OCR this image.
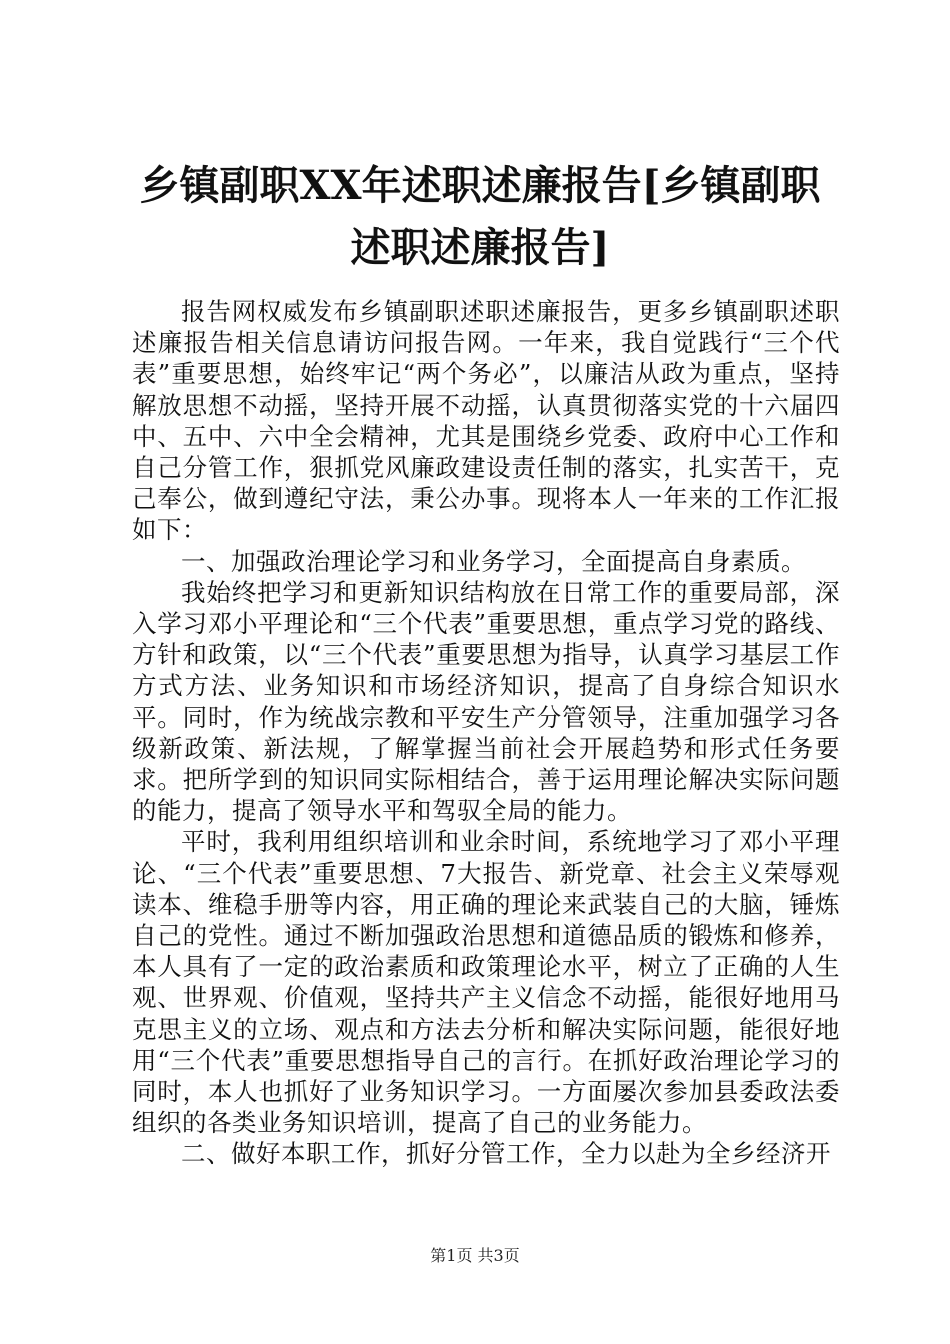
乡镇副职XX年述职述廉报告[乡镇副职述职述廉报告]

报告网权威发布乡镇副职述职述廉报告，更多乡镇副职述职述廉报告相关信息请访问报告网。一年来，我自觉践行“三个代表”重要思想，始终牢记“两个务必”，以廉洁从政为重点，坚持解放思想不动摇，坚持开展不动摇，认真贯彻落实党的十六届四中、五中、六中全会精神，尤其是围绕乡党委、政府中心工作和自己分管工作，狠抓党风廉政建设责任制的落实，扎实苦干，克己奉公，做到遵纪守法，秉公办事。现将本人一年来的工作汇报如下：

一、加强政治理论学习和业务学习，全面提高自身素质。

我始终把学习和更新知识结构放在日常工作的重要局部，深入学习邓小平理论和“三个代表”重要思想，重点学习党的路线、方针和政策，以“三个代表”重要思想为指导，认真学习基层工作方式方法、业务知识和市场经济知识，提高了自身综合知识水平。同时，作为统战宗教和平安生产分管领导，注重加强学习各级新政策、新法规，了解掌握当前社会开展趋势和形式任务要求。把所学到的知识同实际相结合，善于运用理论解决实际问题的能力，提高了领导水平和驾驭全局的能力。

平时，我利用组织培训和业余时间，系统地学习了邓小平理论、“三个代表”重要思想、7大报告、新党章、社会主义荣辱观读本、维稳手册等内容，用正确的理论来武装自己的大脑，锤炼自己的党性。通过不断加强政治思想和道德品质的锻炼和修养，本人具有了一定的政治素质和政策理论水平，树立了正确的人生观、世界观、价值观，坚持共产主义信念不动摇，能很好地用马克思主义的立场、观点和方法去分析和解决实际问题，能很好地用“三个代表”重要思想指导自己的言行。在抓好政治理论学习的同时，本人也抓好了业务知识学习。一方面屡次参加县委政法委组织的各类业务知识培训，提高了自己的业务能力。

二、做好本职工作，抓好分管工作，全力以赴为全乡经济开

第1页 共3页
